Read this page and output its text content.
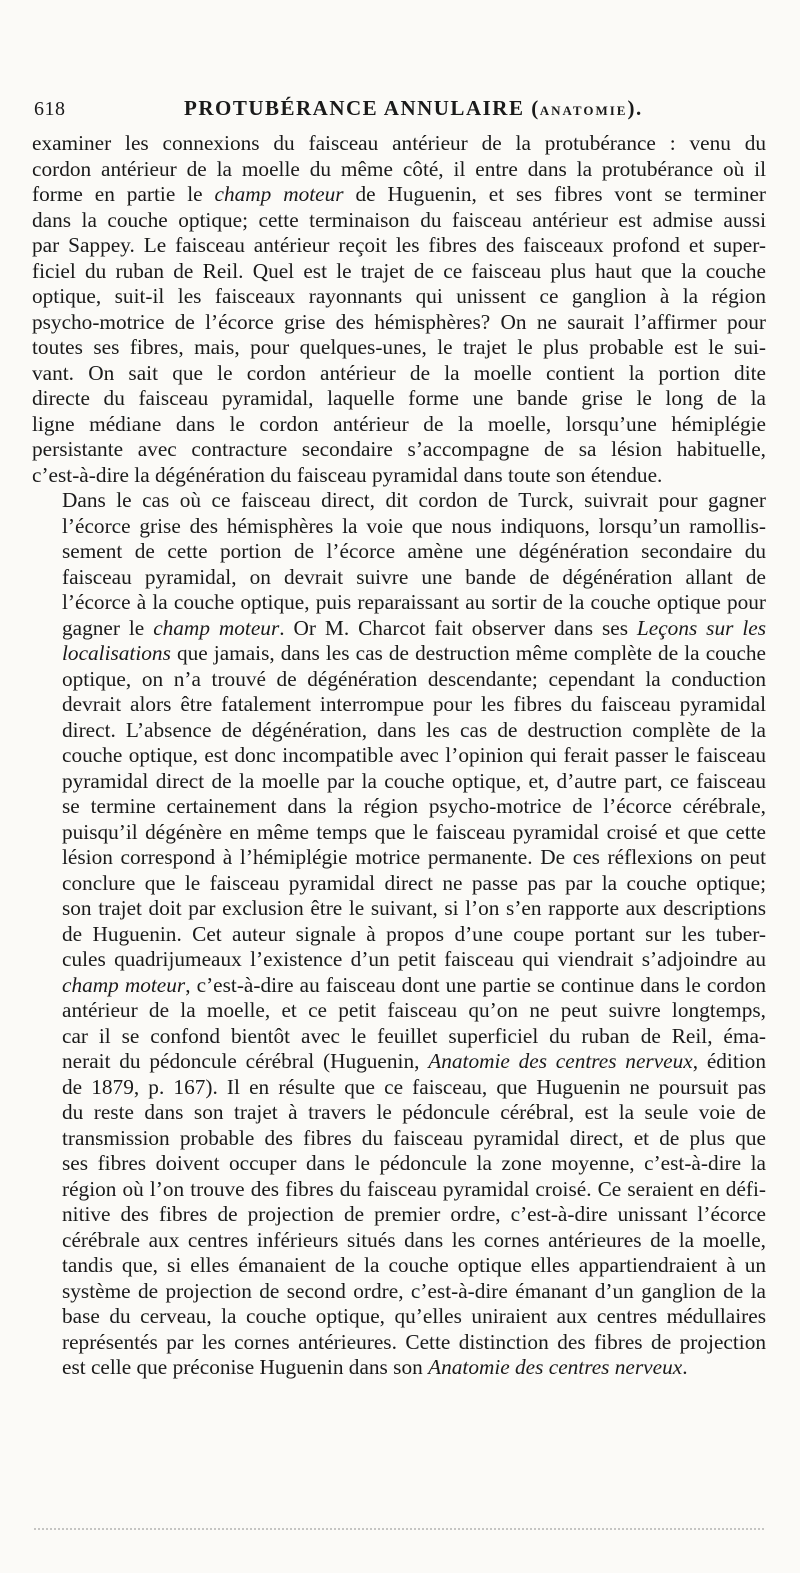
618	PROTUBÉRANCE ANNULAIRE (ANATOMIE).

examiner les connexions du faisceau antérieur de la protubérance : venu du
cordon antérieur de la moelle du même côté, il entre dans la protubérance où il
forme en partie le champ moteur de Huguenin, et ses fibres vont se terminer
dans la couche optique; cette terminaison du faisceau antérieur est admise aussi
par Sappey. Le faisceau antérieur reçoit les fibres des faisceaux profond et super-
ficiel du ruban de Reil. Quel est le trajet de ce faisceau plus haut que la couche
optique, suit-il les faisceaux rayonnants qui unissent ce ganglion à la région
psycho-motrice de l’écorce grise des hémisphères? On ne saurait l’affirmer pour
toutes ses fibres, mais, pour quelques-unes, le trajet le plus probable est le sui-
vant. On sait que le cordon antérieur de la moelle contient la portion dite
directe du faisceau pyramidal, laquelle forme une bande grise le long de la
ligne médiane dans le cordon antérieur de la moelle, lorsqu’une hémiplégie
persistante avec contracture secondaire s’accompagne de sa lésion habituelle,
c’est-à-dire la dégénération du faisceau pyramidal dans toute son étendue.

Dans le cas où ce faisceau direct, dit cordon de Turck, suivrait pour gagner
l’écorce grise des hémisphères la voie que nous indiquons, lorsqu’un ramollis-
sement de cette portion de l’écorce amène une dégénération secondaire du
faisceau pyramidal, on devrait suivre une bande de dégénération allant de
l’écorce à la couche optique, puis reparaissant au sortir de la couche optique pour
gagner le champ moteur. Or M. Charcot fait observer dans ses Leçons sur les
localisations que jamais, dans les cas de destruction même complète de la couche
optique, on n’a trouvé de dégénération descendante; cependant la conduction
devrait alors être fatalement interrompue pour les fibres du faisceau pyramidal
direct. L’absence de dégénération, dans les cas de destruction complète de la
couche optique, est donc incompatible avec l’opinion qui ferait passer le faisceau
pyramidal direct de la moelle par la couche optique, et, d’autre part, ce faisceau
se termine certainement dans la région psycho-motrice de l’écorce cérébrale,
puisqu’il dégénère en même temps que le faisceau pyramidal croisé et que cette
lésion correspond à l’hémiplégie motrice permanente. De ces réflexions on peut
conclure que le faisceau pyramidal direct ne passe pas par la couche optique;
son trajet doit par exclusion être le suivant, si l’on s’en rapporte aux descriptions
de Huguenin. Cet auteur signale à propos d’une coupe portant sur les tuber-
cules quadrijumeaux l’existence d’un petit faisceau qui viendrait s’adjoindre au
champ moteur, c’est-à-dire au faisceau dont une partie se continue dans le cordon
antérieur de la moelle, et ce petit faisceau qu’on ne peut suivre longtemps,
car il se confond bientôt avec le feuillet superficiel du ruban de Reil, éma-
nerait du pédoncule cérébral (Huguenin, Anatomie des centres nerveux, édition
de 1879, p. 167). Il en résulte que ce faisceau, que Huguenin ne poursuit pas
du reste dans son trajet à travers le pédoncule cérébral, est la seule voie de
transmission probable des fibres du faisceau pyramidal direct, et de plus que
ses fibres doivent occuper dans le pédoncule la zone moyenne, c’est-à-dire la
région où l’on trouve des fibres du faisceau pyramidal croisé. Ce seraient en défi-
nitive des fibres de projection de premier ordre, c’est-à-dire unissant l’écorce
cérébrale aux centres inférieurs situés dans les cornes antérieures de la moelle,
tandis que, si elles émanaient de la couche optique elles appartiendraient à un
système de projection de second ordre, c’est-à-dire émanant d’un ganglion de la
base du cerveau, la couche optique, qu’elles uniraient aux centres médullaires
représentés par les cornes antérieures. Cette distinction des fibres de projection
est celle que préconise Huguenin dans son Anatomie des centres nerveux.
